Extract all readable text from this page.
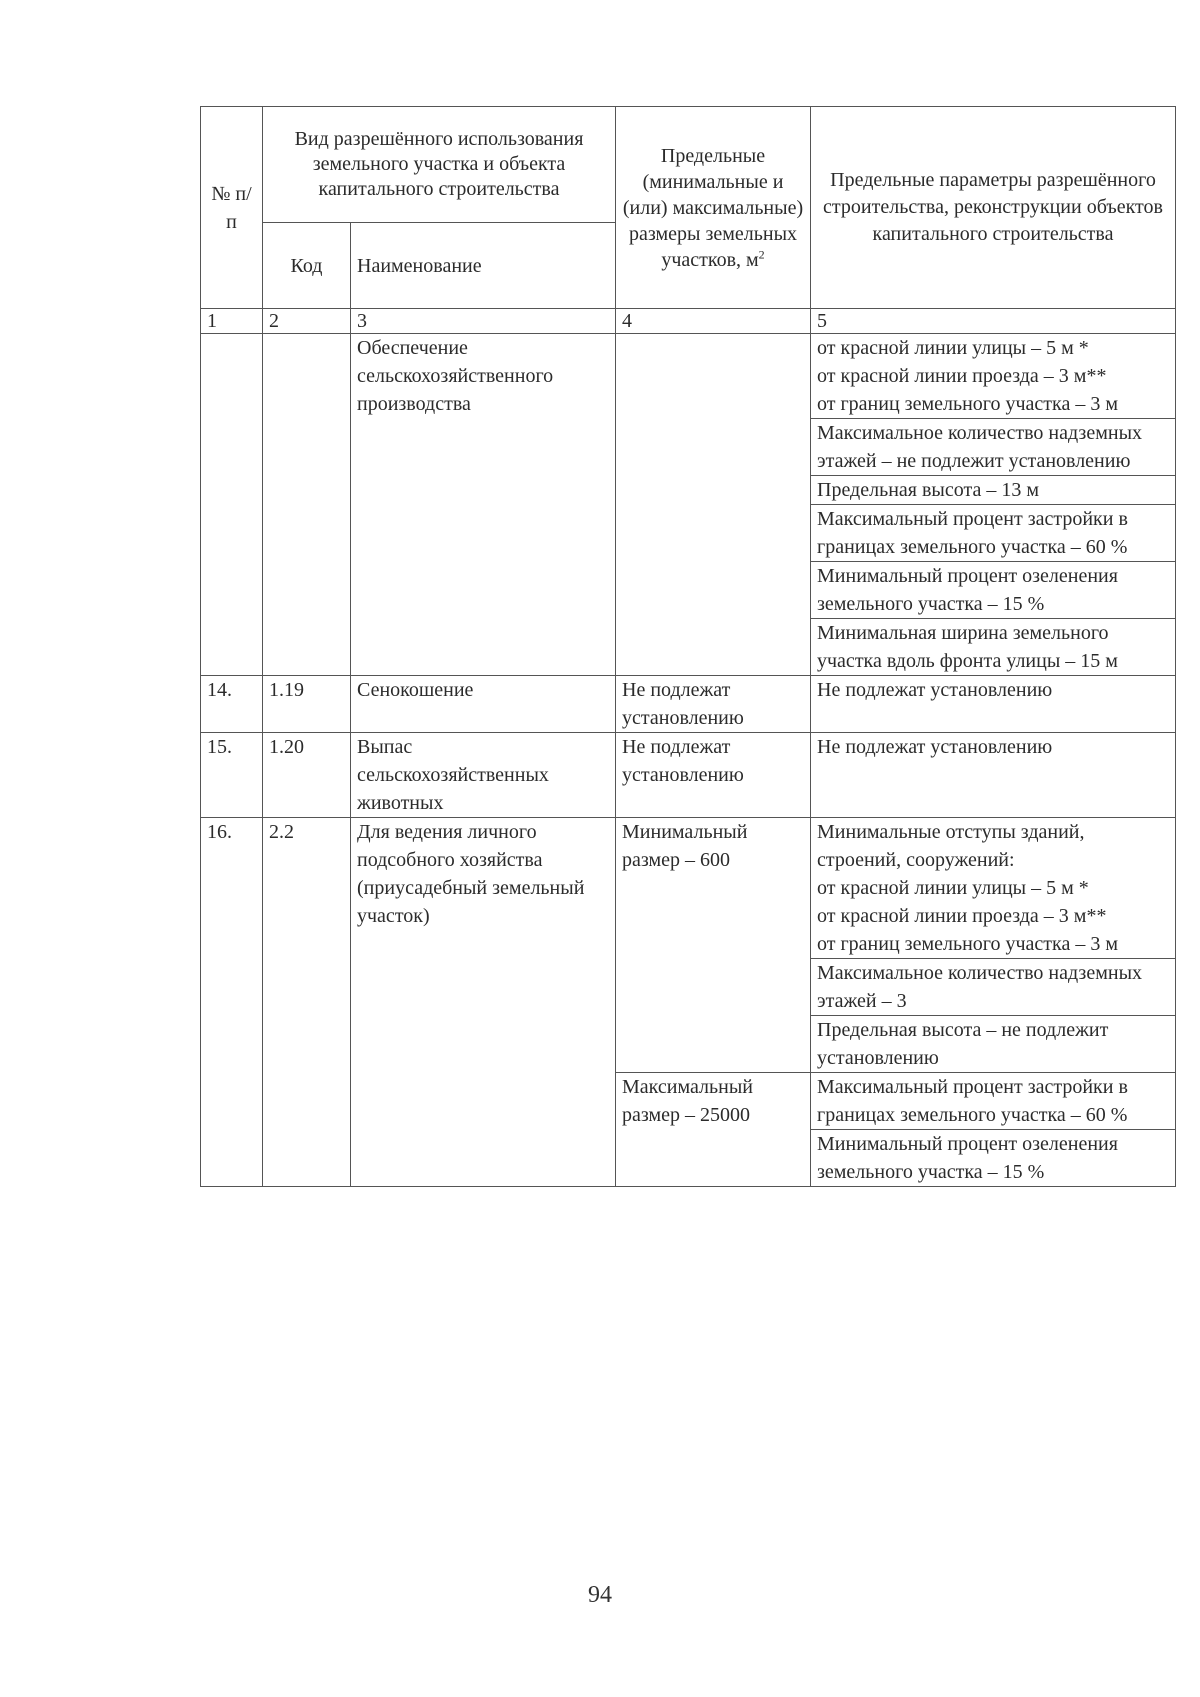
№ п/п	Вид разрешённого использования земельного участка и объекта капитального строительства		Предельные (минимальные и (или) максимальные) размеры земельных участков, $м^2$	Предельные параметры разрешённого строительства, реконструкции объектов капитального строительства
	Код	Наименование		
1	2	3	4	5
		Обеспечение сельскохозяйственного производства		от красной линии улицы – 5 м *
от красной линии проезда – 3 м**
от границ земельного участка – 3 м

				Максимальное количество надземных этажей – не подлежит установлению
				Предельная высота – 13 м
				Максимальный процент застройки в границах земельного участка – 60 %
				Минимальный процент озеленения земельного участка – 15 %
				Минимальная ширина земельного участка вдоль фронта улицы – 15 м
14.	1.19	Сенокошение	Не подлежат установлению	Не подлежат установлению
15.	1.20	Выпас сельскохозяйственных животных	Не подлежат установлению	Не подлежат установлению
16.	2.2	Для ведения личного подсобного хозяйства (приусадебный земельный участок)	Минимальный размер – 600	Минимальные отступы зданий, строений, сооружений:
от красной линии улицы – 5 м *
от красной линии проезда – 3 м**
от границ земельного участка – 3 м

				Максимальное количество надземных этажей – 3
				Предельная высота – не подлежит установлению
			Максимальный размер – 25000	Максимальный процент застройки в границах земельного участка – 60 %
				Минимальный процент озеленения земельного участка – 15 %
94
